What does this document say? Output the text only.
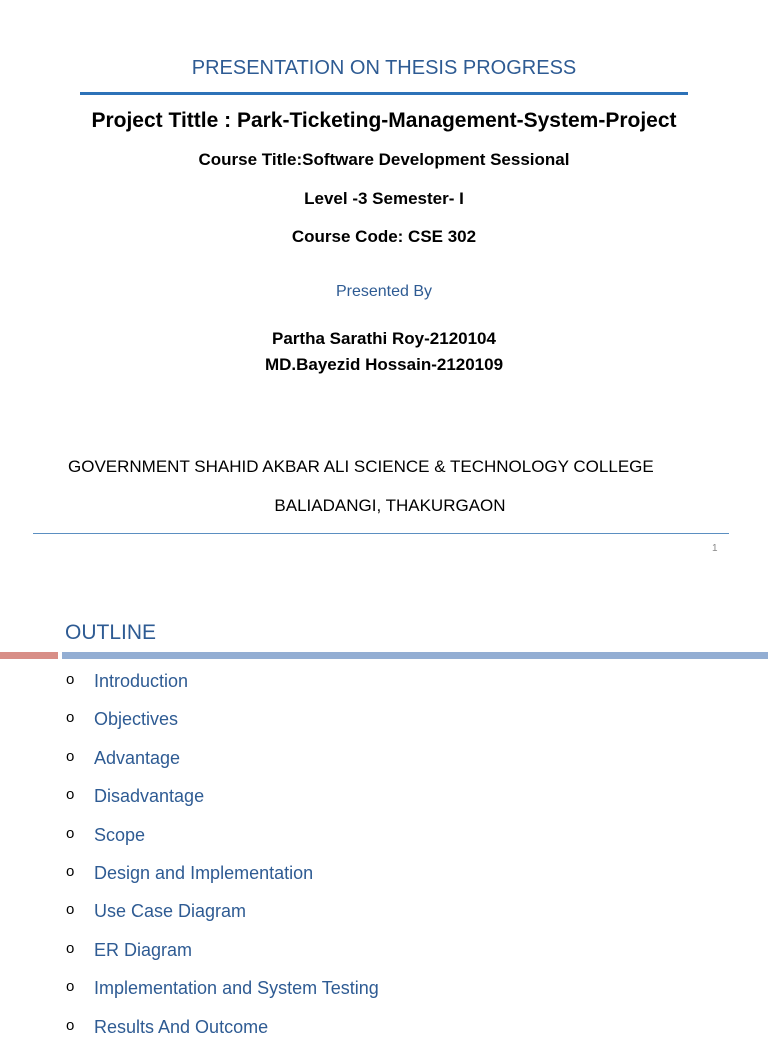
PRESENTATION ON THESIS PROGRESS
Project Tittle : Park-Ticketing-Management-System-Project
Course Title:Software Development Sessional
Level -3 Semester- I
Course Code: CSE 302
Presented By
Partha Sarathi Roy-2120104
MD.Bayezid Hossain-2120109
GOVERNMENT SHAHID AKBAR ALI SCIENCE & TECHNOLOGY COLLEGE
BALIADANGI, THAKURGAON
1
OUTLINE
o Introduction
o Objectives
o Advantage
o Disadvantage
o Scope
o Design and Implementation
o Use Case Diagram
o ER Diagram
o Implementation and System Testing
o Results And Outcome
